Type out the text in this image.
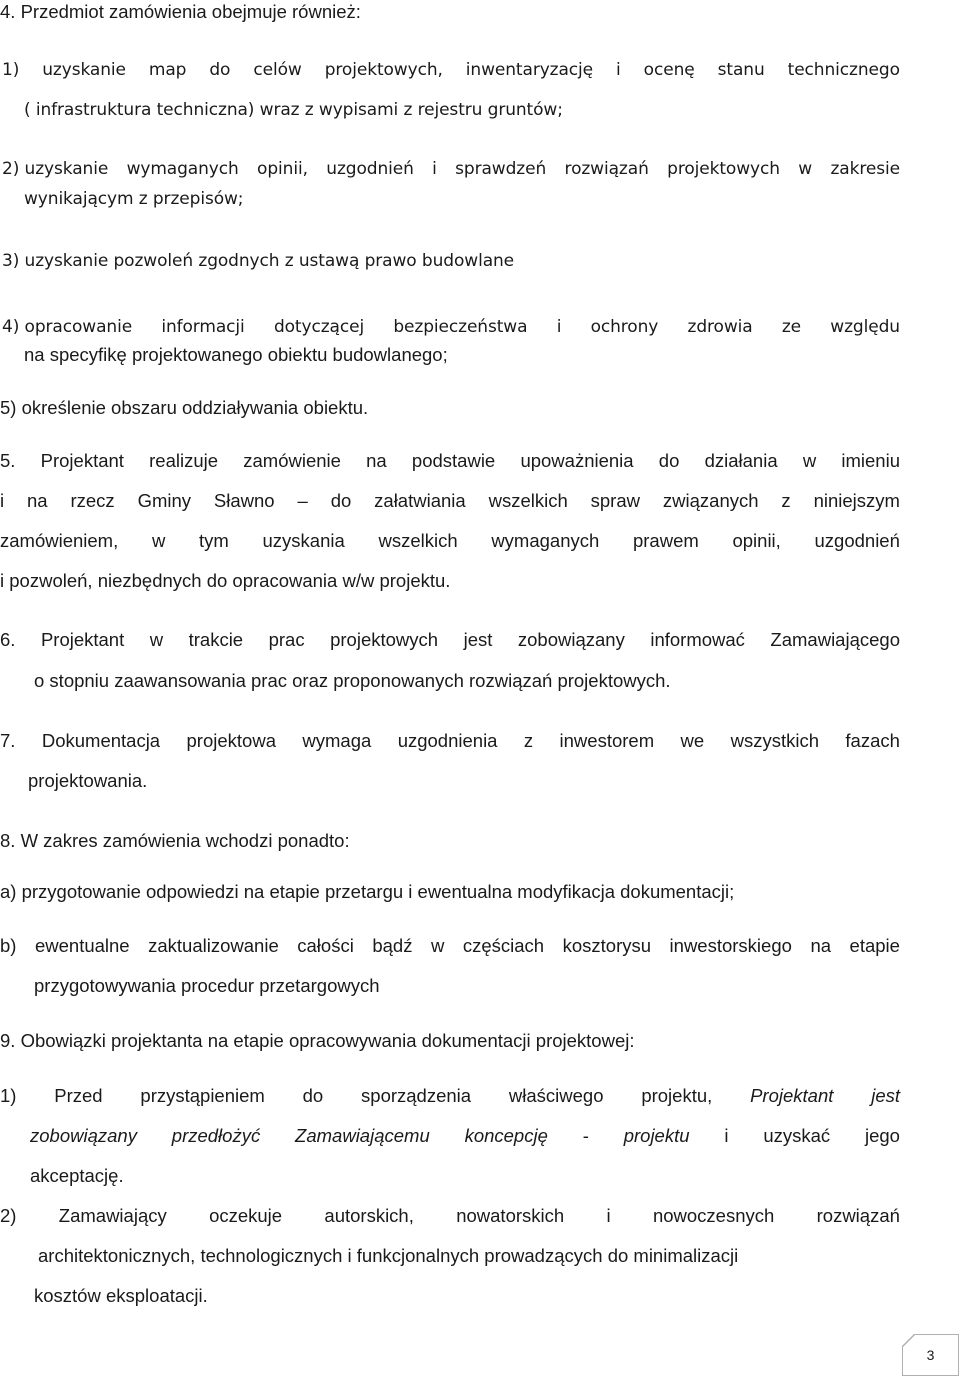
4. Przedmiot zamówienia obejmuje również:
1) uzyskanie map do celów projektowych, inwentaryzację i ocenę stanu technicznego
( infrastruktura techniczna) wraz z wypisami z rejestru gruntów;
2) uzyskanie wymaganych opinii, uzgodnień i sprawdzeń rozwiązań projektowych w zakresie
wynikającym z przepisów;
3) uzyskanie pozwoleń zgodnych z ustawą prawo budowlane
4) opracowanie informacji dotyczącej bezpieczeństwa i ochrony zdrowia ze względu
na specyfikę projektowanego obiektu budowlanego;
5) określenie obszaru oddziaływania obiektu.
5. Projektant realizuje zamówienie na podstawie upoważnienia do działania w imieniu
i na rzecz Gminy Sławno – do załatwiania wszelkich spraw związanych z niniejszym
zamówieniem, w tym uzyskania wszelkich wymaganych prawem opinii, uzgodnień
i pozwoleń, niezbędnych do opracowania w/w projektu.
6. Projektant w trakcie prac projektowych jest zobowiązany informować Zamawiającego
o stopniu zaawansowania prac oraz proponowanych rozwiązań projektowych.
7. Dokumentacja projektowa wymaga uzgodnienia z inwestorem we wszystkich fazach
projektowania.
8. W zakres zamówienia wchodzi ponadto:
a) przygotowanie odpowiedzi na etapie przetargu i ewentualna modyfikacja dokumentacji;
b) ewentualne zaktualizowanie całości bądź w częściach kosztorysu inwestorskiego na etapie
przygotowywania procedur przetargowych
9. Obowiązki projektanta na etapie opracowywania dokumentacji projektowej:
1) Przed przystąpieniem do sporządzenia właściwego projektu, Projektant jest
zobowiązany przedłożyć Zamawiającemu koncepcję - projektu i uzyskać jego
akceptację.
2) Zamawiający oczekuje autorskich, nowatorskich i nowoczesnych rozwiązań
architektonicznych, technologicznych i funkcjonalnych prowadzących do minimalizacji
kosztów eksploatacji.
3
